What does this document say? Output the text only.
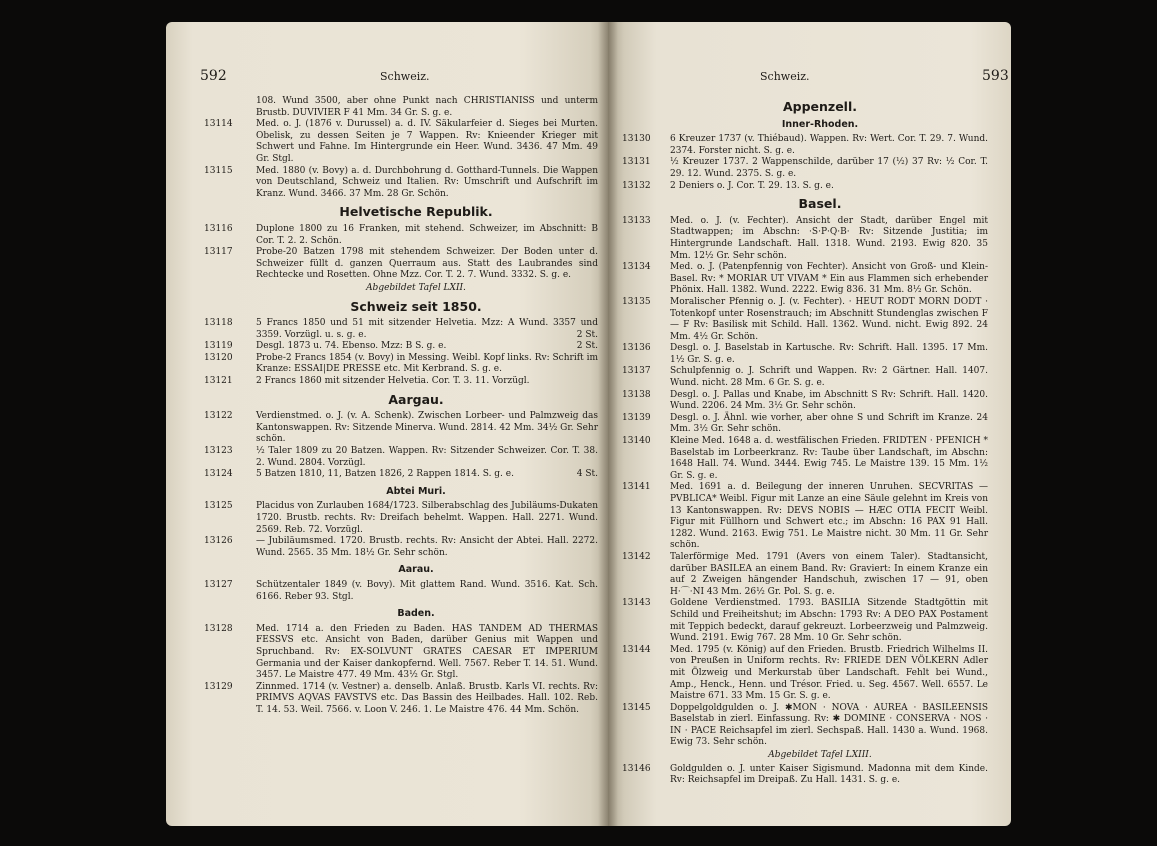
592	Schweiz.
108. Wund 3500, aber ohne Punkt nach CHRISTIANISS und unterm Brustb. DUVIVIER F 41 Mm. 34 Gr. S. g. e.
13114	Med. o. J. (1876 v. Durussel) a. d. IV. Säkularfeier d. Sieges bei Murten. Obelisk, zu dessen Seiten je 7 Wappen. Rv: Knieender Krieger mit Schwert und Fahne. Im Hintergrunde ein Heer. Wund. 3436. 47 Mm. 49 Gr. Stgl.
13115	Med. 1880 (v. Bovy) a. d. Durchbohrung d. Gotthard-Tunnels. Die Wappen von Deutschland, Schweiz und Italien. Rv: Umschrift und Aufschrift im Kranz. Wund. 3466. 37 Mm. 28 Gr. Schön.
Helvetische Republik.
13116	Duplone 1800 zu 16 Franken, mit stehend. Schweizer, im Abschnitt: B Cor. T. 2. 2. Schön.
13117	Probe-20 Batzen 1798 mit stehendem Schweizer. Der Boden unter d. Schweizer füllt d. ganzen Querraum aus. Statt des Laubrandes sind Rechtecke und Rosetten. Ohne Mzz. Cor. T. 2. 7. Wund. 3332. S. g. e.
Abgebildet Tafel LXII.
Schweiz seit 1850.
13118	5 Francs 1850 und 51 mit sitzender Helvetia. Mzz: A Wund. 3357 und 3359. Vorzügl. u. s. g. e.	2 St.
13119	Desgl. 1873 u. 74. Ebenso. Mzz: B S. g. e.	2 St.
13120	Probe-2 Francs 1854 (v. Bovy) in Messing. Weibl. Kopf links. Rv: Schrift im Kranze: ESSAI|DE PRESSE etc. Mit Kerbrand. S. g. e.
13121	2 Francs 1860 mit sitzender Helvetia. Cor. T. 3. 11. Vorzügl.
Aargau.
13122	Verdienstmed. o. J. (v. A. Schenk). Zwischen Lorbeer- und Palmzweig das Kantonswappen. Rv: Sitzende Minerva. Wund. 2814. 42 Mm. 34½ Gr. Sehr schön.
13123	½ Taler 1809 zu 20 Batzen. Wappen. Rv: Sitzender Schweizer. Cor. T. 38. 2. Wund. 2804. Vorzügl.
13124	5 Batzen 1810, 11, Batzen 1826, 2 Rappen 1814. S. g. e.	4 St.
Abtei Muri.
13125	Placidus von Zurlauben 1684/1723. Silberabschlag des Jubiläums-Dukaten 1720. Brustb. rechts. Rv: Dreifach behelmt. Wappen. Hall. 2271. Wund. 2569. Reb. 72. Vorzügl.
13126	— Jubiläumsmed. 1720. Brustb. rechts. Rv: Ansicht der Abtei. Hall. 2272. Wund. 2565. 35 Mm. 18½ Gr. Sehr schön.
Aarau.
13127	Schützentaler 1849 (v. Bovy). Mit glattem Rand. Wund. 3516. Kat. Sch. 6166. Reber 93. Stgl.
Baden.
13128	Med. 1714 a. den Frieden zu Baden. HAS TANDEM AD THERMAS FESSVS etc. Ansicht von Baden, darüber Genius mit Wappen und Spruchband. Rv: EX-SOLVUNT GRATES CAESAR ET IMPERIUM Germania und der Kaiser dankopfernd. Well. 7567. Reber T. 14. 51. Wund. 3457. Le Maistre 477. 49 Mm. 43½ Gr. Stgl.
13129	Zinnmed. 1714 (v. Vestner) a. denselb. Anlaß. Brustb. Karls VI. rechts. Rv: PRIMVS AQVAS FAVSTVS etc. Das Bassin des Heilbades. Hall. 102. Reb. T. 14. 53. Weil. 7566. v. Loon V. 246. 1. Le Maistre 476. 44 Mm. Schön.
Schweiz.	593
Appenzell.
Inner-Rhoden.
13130	6 Kreuzer 1737 (v. Thiébaud). Wappen. Rv: Wert. Cor. T. 29. 7. Wund. 2374. Forster nicht. S. g. e.
13131	½ Kreuzer 1737. 2 Wappenschilde, darüber 17 (½) 37 Rv: ½ Cor. T. 29. 12. Wund. 2375. S. g. e.
13132	2 Deniers o. J. Cor. T. 29. 13. S. g. e.
Basel.
13133	Med. o. J. (v. Fechter). Ansicht der Stadt, darüber Engel mit Stadtwappen; im Abschn: ·S·P·Q·B· Rv: Sitzende Justitia; im Hintergrunde Landschaft. Hall. 1318. Wund. 2193. Ewig 820. 35 Mm. 12½ Gr. Sehr schön.
13134	Med. o. J. (Patenpfennig von Fechter). Ansicht von Groß- und Klein-Basel. Rv: * MORIAR UT VIVAM * Ein aus Flammen sich erhebender Phönix. Hall. 1382. Wund. 2222. Ewig 836. 31 Mm. 8½ Gr. Schön.
13135	Moralischer Pfennig o. J. (v. Fechter). · HEUT RODT MORN DODT · Totenkopf unter Rosenstrauch; im Abschnitt Stundenglas zwischen F — F Rv: Basilisk mit Schild. Hall. 1362. Wund. nicht. Ewig 892. 24 Mm. 4½ Gr. Schön.
13136	Desgl. o. J. Baselstab in Kartusche. Rv: Schrift. Hall. 1395. 17 Mm. 1½ Gr. S. g. e.
13137	Schulpfennig o. J. Schrift und Wappen. Rv: 2 Gärtner. Hall. 1407. Wund. nicht. 28 Mm. 6 Gr. S. g. e.
13138	Desgl. o. J. Pallas und Knabe, im Abschnitt S Rv: Schrift. Hall. 1420. Wund. 2206. 24 Mm. 3½ Gr. Sehr schön.
13139	Desgl. o. J. Ähnl. wie vorher, aber ohne S und Schrift im Kranze. 24 Mm. 3½ Gr. Sehr schön.
13140	Kleine Med. 1648 a. d. westfälischen Frieden. FRIDTEN · PFENICH * Baselstab im Lorbeerkranz. Rv: Taube über Landschaft, im Abschn: 1648 Hall. 74. Wund. 3444. Ewig 745. Le Maistre 139. 15 Mm. 1½ Gr. S. g. e.
13141	Med. 1691 a. d. Beilegung der inneren Unruhen. SECVRITAS — PVBLICA* Weibl. Figur mit Lanze an eine Säule gelehnt im Kreis von 13 Kantonswappen. Rv: DEVS NOBIS — HÆC OTIA FECIT Weibl. Figur mit Füllhorn und Schwert etc.; im Abschn: 16 PAX 91 Hall. 1282. Wund. 2163. Ewig 751. Le Maistre nicht. 30 Mm. 11 Gr. Sehr schön.
13142	Talerförmige Med. 1791 (Avers von einem Taler). Stadtansicht, darüber BASILEA an einem Band. Rv: Graviert: In einem Kranze ein auf 2 Zweigen hängender Handschuh, zwischen 17 — 91, oben H·⌒·NI 43 Mm. 26½ Gr. Pol. S. g. e.
13143	Goldene Verdienstmed. 1793. BASILIA Sitzende Stadtgöttin mit Schild und Freiheitshut; im Abschn: 1793 Rv: A DEO PAX Postament mit Teppich bedeckt, darauf gekreuzt. Lorbeerzweig und Palmzweig. Wund. 2191. Ewig 767. 28 Mm. 10 Gr. Sehr schön.
13144	Med. 1795 (v. König) auf den Frieden. Brustb. Friedrich Wilhelms II. von Preußen in Uniform rechts. Rv: FRIEDE DEN VÖLKERN Adler mit Ölzweig und Merkurstab über Landschaft. Fehlt bei Wund., Amp., Henck., Henn. und Trésor. Fried. u. Seg. 4567. Well. 6557. Le Maistre 671. 33 Mm. 15 Gr. S. g. e.
13145	Doppelgoldgulden o. J. ✱MON · NOVA · AUREA · BASILEENSIS Baselstab in zierl. Einfassung. Rv: ✱ DOMINE · CONSERVA · NOS · IN · PACE Reichsapfel im zierl. Sechspaß. Hall. 1430 a. Wund. 1968. Ewig 73. Sehr schön.
Abgebildet Tafel LXIII.
13146	Goldgulden o. J. unter Kaiser Sigismund. Madonna mit dem Kinde. Rv: Reichsapfel im Dreipaß. Zu Hall. 1431. S. g. e.
